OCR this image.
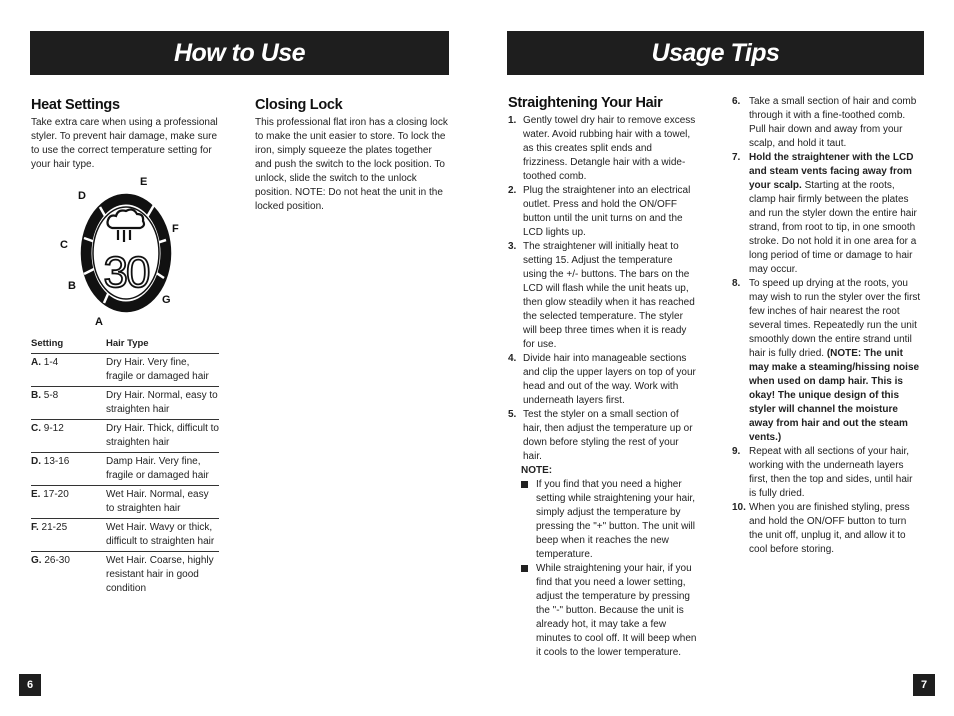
How to Use
Heat Settings

Take extra care when using a professional styler. To prevent hair damage, make sure to use the correct temperature setting for your hair type.

30
A
B
C
D
E
F
G
Setting	Hair Type
A. 1-4	Dry Hair. Very fine, fragile or damaged hair
B. 5-8	Dry Hair. Normal, easy to straighten hair
C. 9-12	Dry Hair. Thick, difficult to straighten hair
D. 13-16	Damp Hair. Very fine, fragile or damaged hair
E. 17-20	Wet Hair. Normal, easy to straighten hair
F. 21-25	Wet Hair. Wavy or thick, difficult to straighten hair
G. 26-30	Wet Hair. Coarse, highly resistant hair in good condition
Closing Lock

This professional flat iron has a closing lock to make the unit easier to store. To lock the iron, simply squeeze the plates together and push the switch to the lock position. To unlock, slide the switch to the unlock position. NOTE: Do not heat the unit in the locked position.

6
Usage Tips
Straightening Your Hair
1. Gently towel dry hair to remove excess water. Avoid rubbing hair with a towel, as this creates split ends and frizziness. Detangle hair with a wide-toothed comb.
2. Plug the straightener into an electrical outlet. Press and hold the ON/OFF button until the unit turns on and the LCD lights up.
3. The straightener will initially heat to setting 15. Adjust the temperature using the +/- buttons. The bars on the LCD will flash while the unit heats up, then glow steadily when it has reached the selected temperature. The styler will beep three times when it is ready for use.
4. Divide hair into manageable sections and clip the upper layers on top of your head and out of the way. Work with underneath layers first.
5. Test the styler on a small section of hair, then adjust the temperature up or down before styling the rest of your hair.
NOTE:
If you find that you need a higher setting while straightening your hair, simply adjust the temperature by pressing the "+" button. The unit will beep when it reaches the new temperature.
While straightening your hair, if you find that you need a lower setting, adjust the temperature by pressing the "-" button. Because the unit is already hot, it may take a few minutes to cool off. It will beep when it cools to the lower temperature.
6. Take a small section of hair and comb through it with a fine-toothed comb. Pull hair down and away from your scalp, and hold it taut.
7. Hold the straightener with the LCD and steam vents facing away from your scalp. Starting at the roots, clamp hair firmly between the plates and run the styler down the entire hair strand, from root to tip, in one smooth stroke. Do not hold it in one area for a long period of time or damage to hair may occur.
8. To speed up drying at the roots, you may wish to run the styler over the first few inches of hair nearest the root several times. Repeatedly run the unit smoothly down the entire strand until hair is fully dried. (NOTE: The unit may make a steaming/hissing noise when used on damp hair. This is okay! The unique design of this styler will channel the moisture away from hair and out the steam vents.)
9. Repeat with all sections of your hair, working with the underneath layers first, then the top and sides, until hair is fully dried.
10. When you are finished styling, press and hold the ON/OFF button to turn the unit off, unplug it, and allow it to cool before storing.
7
